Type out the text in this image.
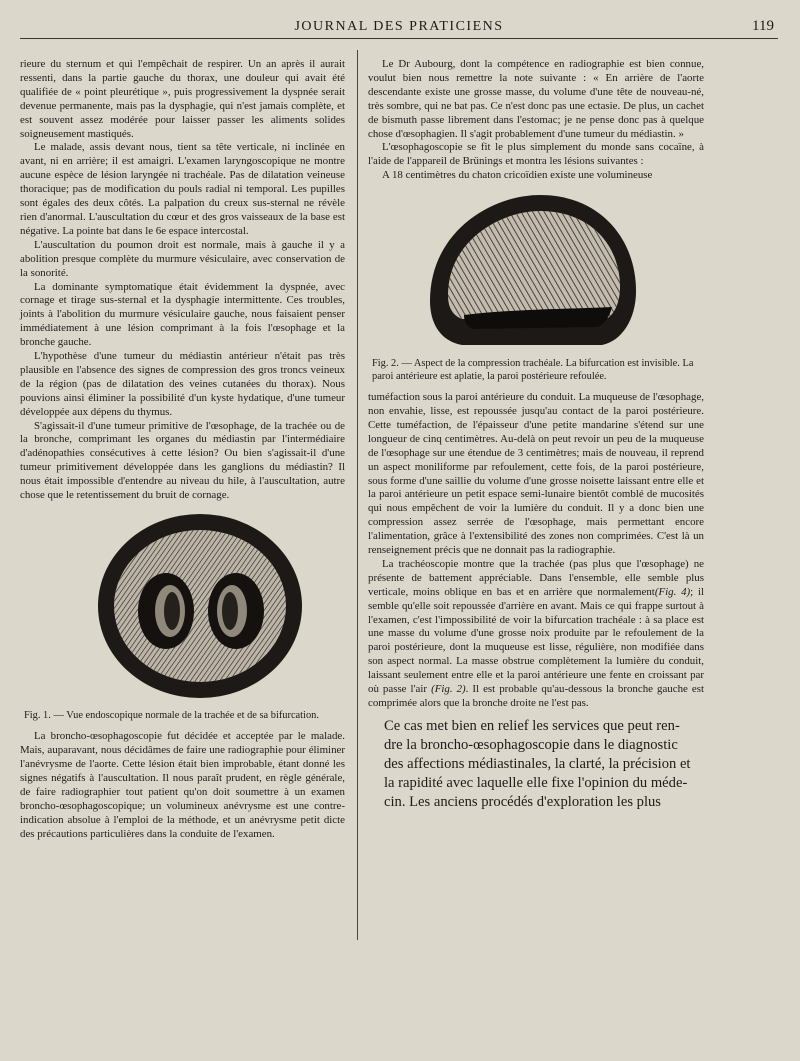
JOURNAL DES PRATICIENS	119

rieure du sternum et qui l'empêchait de respirer. Un an après il aurait ressenti, dans la partie gauche du thorax, une douleur qui avait été qualifiée de « point pleurétique », puis progressivement la dyspnée serait devenue permanente, mais pas la dysphagie, qui n'est jamais complète, et est souvent assez modérée pour laisser passer les aliments solides soigneusement mastiqués.

Le malade, assis devant nous, tient sa tête verticale, ni inclinée en avant, ni en arrière; il est amaigri. L'examen laryngoscopique ne montre aucune espèce de lésion laryngée ni trachéale. Pas de dilatation veineuse thoracique; pas de modification du pouls radial ni temporal. Les pupilles sont égales des deux côtés. La palpation du creux sus-sternal ne révèle rien d'anormal. L'auscultation du cœur et des gros vaisseaux de la base est négative. La pointe bat dans le 6e espace intercostal.

L'auscultation du poumon droit est normale, mais à gauche il y a abolition presque complète du murmure vésiculaire, avec conservation de la sonorité.

La dominante symptomatique était évidemment la dyspnée, avec cornage et tirage sus-sternal et la dysphagie intermittente. Ces troubles, joints à l'abolition du murmure vésiculaire gauche, nous faisaient penser immédiatement à une lésion comprimant à la fois l'œsophage et la bronche gauche.

L'hypothèse d'une tumeur du médiastin antérieur n'était pas très plausible en l'absence des signes de compression des gros troncs veineux de la région (pas de dilatation des veines cutanées du thorax). Nous pouvions ainsi éliminer la possibilité d'un kyste hydatique, d'une tumeur développée aux dépens du thymus.

S'agissait-il d'une tumeur primitive de l'œsophage, de la trachée ou de la bronche, comprimant les organes du médiastin par l'intermédiaire d'adénopathies consécutives à cette lésion? Ou bien s'agissait-il d'une tumeur primitivement développée dans les ganglions du médiastin? Il nous était impossible d'entendre au niveau du hile, à l'auscultation, autre chose que le retentissement du bruit de cornage.

Fig. 1. — Vue endoscopique normale de la trachée et de sa bifurcation.

La broncho-œsophagoscopie fut décidée et acceptée par le malade. Mais, auparavant, nous décidâmes de faire une radiographie pour éliminer l'anévrysme de l'aorte. Cette lésion était bien improbable, étant donné les signes négatifs à l'auscultation. Il nous paraît prudent, en règle générale, de faire radiographier tout patient qu'on doit soumettre à un examen broncho-œsophagoscopique; un volumineux anévrysme est une contre-indication absolue à l'emploi de la méthode, et un anévrysme petit dicte des précautions particulières dans la conduite de l'examen.

Le Dr Aubourg, dont la compétence en radiographie est bien connue, voulut bien nous remettre la note suivante : « En arrière de l'aorte descendante existe une grosse masse, du volume d'une tête de nouveau-né, très sombre, qui ne bat pas. Ce n'est donc pas une ectasie. De plus, un cachet de bismuth passe librement dans l'estomac; je ne pense donc pas à quelque chose d'œsophagien. Il s'agit probablement d'une tumeur du médiastin. »

L'œsophagoscopie se fit le plus simplement du monde sans cocaïne, à l'aide de l'appareil de Brünings et montra les lésions suivantes :

A 18 centimètres du chaton cricoïdien existe une volumineuse

Fig. 2. — Aspect de la compression trachéale. La bifurcation est invisible. La paroi antérieure est aplatie, la paroi postérieure refoulée.

tuméfaction sous la paroi antérieure du conduit. La muqueuse de l'œsophage, non envahie, lisse, est repoussée jusqu'au contact de la paroi postérieure. Cette tuméfaction, de l'épaisseur d'une petite mandarine s'étend sur une longueur de cinq centimètres. Au-delà on peut revoir un peu de la muqueuse de l'œsophage sur une étendue de 3 centimètres; mais de nouveau, il reprend un aspect moniliforme par refoulement, cette fois, de la paroi postérieure, sous forme d'une saillie du volume d'une grosse noisette laissant entre elle et la paroi antérieure un petit espace semi-lunaire bientôt comblé de mucosités qui nous empêchent de voir la lumière du conduit. Il y a donc bien une compression assez serrée de l'œsophage, mais permettant encore l'alimentation, grâce à l'extensibilité des zones non comprimées. C'est là un renseignement précis que ne donnait pas la radiographie.

La trachéoscopie montre que la trachée (pas plus que l'œsophage) ne présente de battement appréciable. Dans l'ensemble, elle semble plus verticale, moins oblique en bas et en arrière que normalement(Fig. 4); il semble qu'elle soit repoussée d'arrière en avant. Mais ce qui frappe surtout à l'examen, c'est l'impossibilité de voir la bifurcation trachéale : à sa place est une masse du volume d'une grosse noix produite par le refoulement de la paroi postérieure, dont la muqueuse est lisse, régulière, non modifiée dans son aspect normal. La masse obstrue complètement la lumière du conduit, laissant seulement entre elle et la paroi antérieure une fente en croissant par où passe l'air (Fig. 2). Il est probable qu'au-dessous la bronche gauche est comprimée alors que la bronche droite ne l'est pas.

Ce cas met bien en relief les services que peut ren-
dre la broncho-œsophagoscopie dans le diagnostic
des affections médiastinales, la clarté, la précision et
la rapidité avec laquelle elle fixe l'opinion du méde-
cin. Les anciens procédés d'exploration les plus
